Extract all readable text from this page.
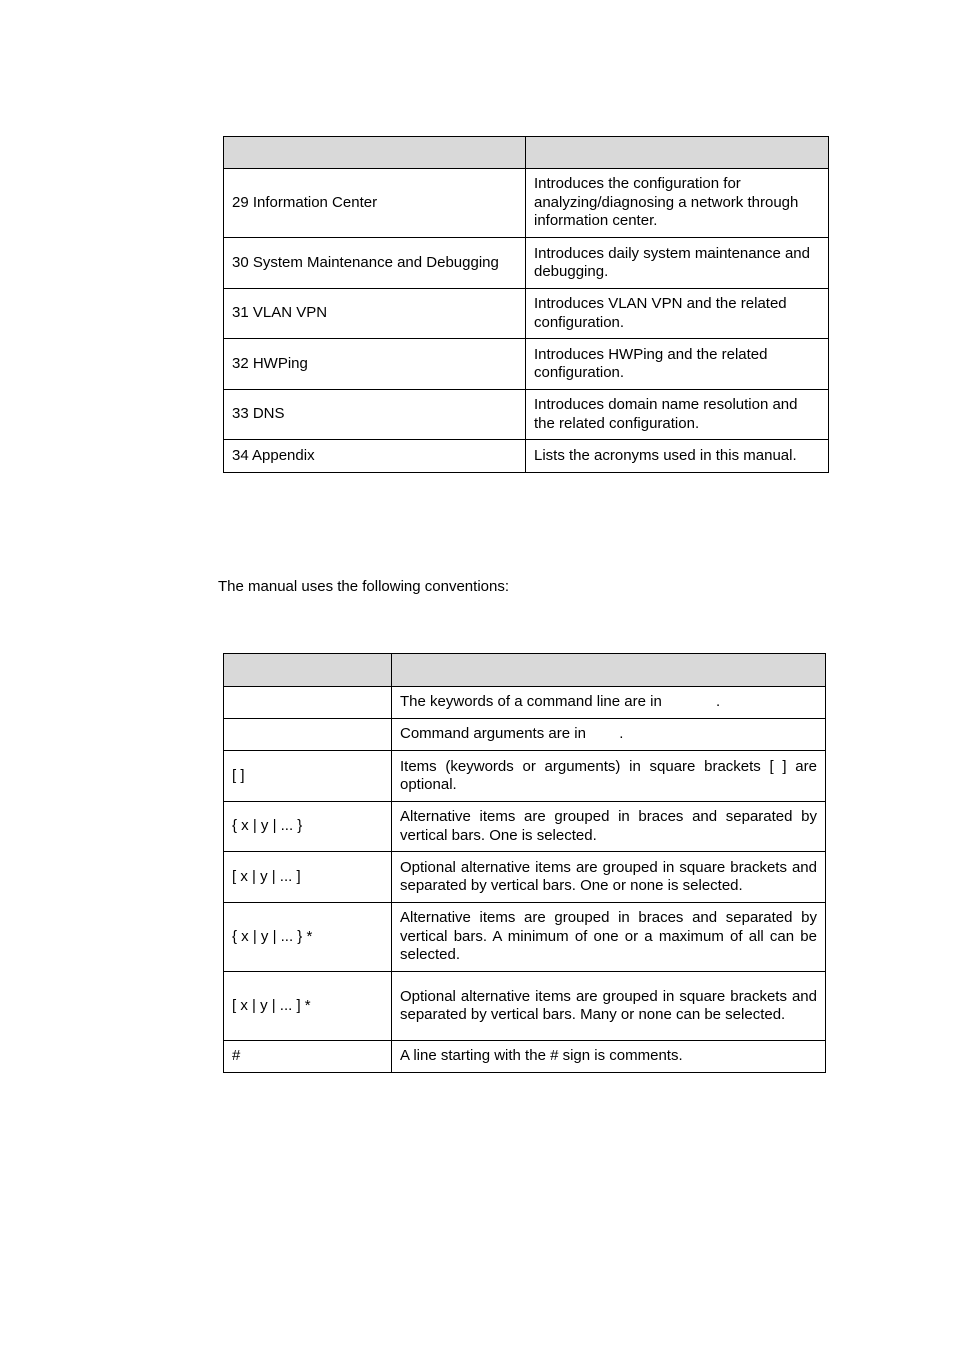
29 Information Center	Introduces the configuration for analyzing/diagnosing a network through information center.
30 System Maintenance and Debugging	Introduces daily system maintenance and debugging.
31 VLAN VPN	Introduces VLAN VPN and the related configuration.
32 HWPing	Introduces HWPing and the related configuration.
33 DNS	Introduces domain name resolution and the related configuration.
34 Appendix	Lists the acronyms used in this manual.

The manual uses the following conventions:

	The keywords of a command line are in             .
	Command arguments are in        .
[ ]	Items (keywords or arguments) in square brackets [ ] are optional.
{ x | y | ... }	Alternative items are grouped in braces and separated by vertical bars. One is selected.
[ x | y | ... ]	Optional alternative items are grouped in square brackets and separated by vertical bars. One or none is selected.
{ x | y | ... } *	Alternative items are grouped in braces and separated by vertical bars. A minimum of one or a maximum of all can be selected.
[ x | y | ... ] *	Optional alternative items are grouped in square brackets and separated by vertical bars. Many or none can be selected.
#	A line starting with the # sign is comments.
